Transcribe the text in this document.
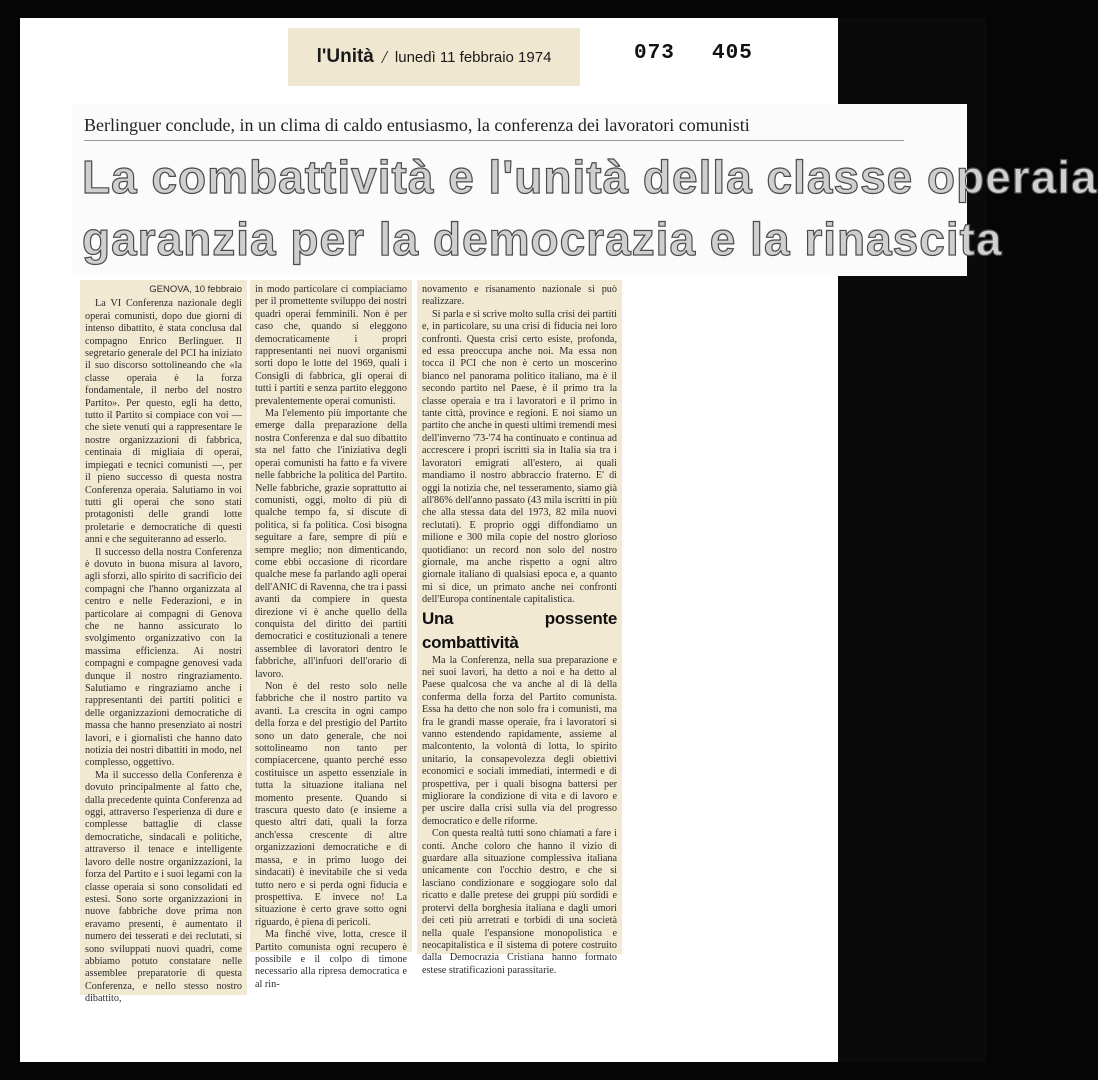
l'Unità / lunedì 11 febbraio 1974	073 405
Berlinguer conclude, in un clima di caldo entusiasmo, la conferenza dei lavoratori comunisti
La combattività e l'unità della classe operaia
garanzia per la democrazia e la rinascita
GENOVA, 10 febbraio

La VI Conferenza nazionale degli operai comunisti, dopo due giorni di intenso dibattito, è stata conclusa dal compagno Enrico Berlinguer. Il segretario generale del PCI ha iniziato il suo discorso sottolineando che «la classe operaia è la forza fondamentale, il nerbo del nostro Partito». Per questo, egli ha detto, tutto il Partito si compiace con voi — che siete venuti qui a rappresentare le nostre organizzazioni di fabbrica, centinaia di migliaia di operai, impiegati e tecnici comunisti —, per il pieno successo di questa nostra Conferenza operaia. Salutiamo in voi tutti gli operai che sono stati protagonisti delle grandi lotte proletarie e democratiche di questi anni e che seguiteranno ad esserlo.

Il successo della nostra Conferenza è dovuto in buona misura al lavoro, agli sforzi, allo spirito di sacrificio dei compagni che l'hanno organizzata al centro e nelle Federazioni, e in particolare ai compagni di Genova che ne hanno assicurato lo svolgimento organizzativo con la massima efficienza. Ai nostri compagni e compagne genovesi vada dunque il nostro ringraziamento. Salutiamo e ringraziamo anche i rappresentanti dei partiti politici e delle organizzazioni democratiche di massa che hanno presenziato ai nostri lavori, e i giornalisti che hanno dato notizia dei nostri dibattiti in modo, nel complesso, oggettivo.

Ma il successo della Conferenza è dovuto principalmente al fatto che, dalla precedente quinta Conferenza ad oggi, attraverso l'esperienza di dure e complesse battaglie di classe democratiche, sindacali e politiche, attraverso il tenace e intelligente lavoro delle nostre organizzazioni, la forza del Partito e i suoi legami con la classe operaia si sono consolidati ed estesi. Sono sorte organizzazioni in nuove fabbriche dove prima non eravamo presenti, è aumentato il numero dei tesserati e dei reclutati, si sono sviluppati nuovi quadri, come abbiamo potuto constatare nelle assemblee preparatorie di questa Conferenza, e nello stesso nostro dibattito,

in modo particolare ci compiaciamo per il promettente sviluppo dei nostri quadri operai femminili. Non è per caso che, quando si eleggono democraticamente i propri rappresentanti nei nuovi organismi sorti dopo le lotte del 1969, quali i Consigli di fabbrica, gli operai di tutti i partiti e senza partito eleggono prevalentemente operai comunisti.

Ma l'elemento più importante che emerge dalla preparazione della nostra Conferenza e dal suo dibattito sta nel fatto che l'iniziativa degli operai comunisti ha fatto e fa vivere nelle fabbriche la politica del Partito. Nelle fabbriche, grazie soprattutto ai comunisti, oggi, molto di più di qualche tempo fa, si discute di politica, si fa politica. Così bisogna seguitare a fare, sempre di più e sempre meglio; non dimenticando, come ebbi occasione di ricordare qualche mese fa parlando agli operai dell'ANIC di Ravenna, che tra i passi avanti da compiere in questa direzione vi è anche quello della conquista del diritto dei partiti democratici e costituzionali a tenere assemblee di lavoratori dentro le fabbriche, all'infuori dell'orario di lavoro.

Non è del resto solo nelle fabbriche che il nostro partito va avanti. La crescita in ogni campo della forza e del prestigio del Partito sono un dato generale, che noi sottolineamo non tanto per compiacercene, quanto perché esso costituisce un aspetto essenziale in tutta la situazione italiana nel momento presente. Quando si trascura questo dato (e insieme a questo altri dati, quali la forza anch'essa crescente di altre organizzazioni democratiche e di massa, e in primo luogo dei sindacati) è inevitabile che si veda tutto nero e si perda ogni fiducia e prospettiva. E invece no! La situazione è certo grave sotto ogni riguardo, è piena di pericoli.

Ma finché vive, lotta, cresce il Partito comunista ogni recupero è possibile e il colpo di timone necessario alla ripresa democratica e al rin-

novamento e risanamento nazionale si può realizzare.

Si parla e si scrive molto sulla crisi dei partiti e, in particolare, su una crisi di fiducia nei loro confronti. Questa crisi certo esiste, profonda, ed essa preoccupa anche noi. Ma essa non tocca il PCI che non è certo un moscerino bianco nel panorama politico italiano, ma è il secondo partito nel Paese, è il primo tra la classe operaia e tra i lavoratori e il primo in tante città, province e regioni. E noi siamo un partito che anche in questi ultimi tremendi mesi dell'inverno '73-'74 ha continuato e continua ad accrescere i propri iscritti sia in Italia sia tra i lavoratori emigrati all'estero, ai quali mandiamo il nostro abbraccio fraterno. E' di oggi la notizia che, nel tesseramento, siamo già all'86% dell'anno passato (43 mila iscritti in più che alla stessa data del 1973, 82 mila nuovi reclutati). E proprio oggi diffondiamo un milione e 300 mila copie del nostro glorioso quotidiano: un record non solo del nostro giornale, ma anche rispetto a ogni altro giornale italiano di qualsiasi epoca e, a quanto mi si dice, un primato anche nei confronti dell'Europa continentale capitalistica.

Una possente combattività

Ma la Conferenza, nella sua preparazione e nei suoi lavori, ha detto a noi e ha detto al Paese qualcosa che va anche al di là della conferma della forza del Partito comunista. Essa ha detto che non solo fra i comunisti, ma fra le grandi masse operaie, fra i lavoratori si vanno estendendo rapidamente, assieme al malcontento, la volontà di lotta, lo spirito unitario, la consapevolezza degli obiettivi economici e sociali immediati, intermedi e di prospettiva, per i quali bisogna battersi per migliorare la condizione di vita e di lavoro e per uscire dalla crisi sulla via del progresso democratico e delle riforme.

Con questa realtà tutti sono chiamati a fare i conti. Anche coloro che hanno il vizio di guardare alla situazione complessiva italiana unicamente con l'occhio destro, e che si lasciano condizionare e soggiogare solo dal ricatto e dalle pretese dei gruppi più sordidi e protervi della borghesia italiana e dagli umori dei ceti più arretrati e torbidi di una società nella quale l'espansione monopolistica e neocapitalistica e il sistema di potere costruito dalla Democrazia Cristiana hanno formato estese stratificazioni parassitarie.
